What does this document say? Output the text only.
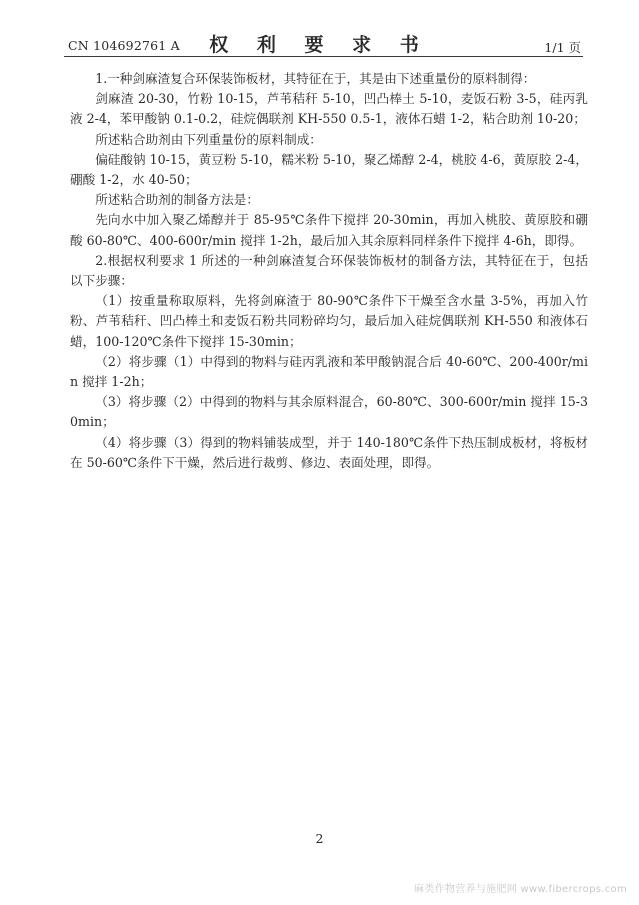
CN 104692761 A	权 利 要 求 书	1/1 页

1.一种剑麻渣复合环保装饰板材，其特征在于，其是由下述重量份的原料制得：

剑麻渣 20-30，竹粉 10-15，芦苇秸秆 5-10，凹凸棒土 5-10，麦饭石粉 3-5，硅丙乳液 2-4，苯甲酸钠 0.1-0.2，硅烷偶联剂 KH-550 0.5-1，液体石蜡 1-2，粘合助剂 10-20；

所述粘合助剂由下列重量份的原料制成：

偏硅酸钠 10-15，黄豆粉 5-10，糯米粉 5-10，聚乙烯醇 2-4，桃胶 4-6，黄原胶 2-4，硼酸 1-2，水 40-50；

所述粘合助剂的制备方法是：

先向水中加入聚乙烯醇并于 85-95℃条件下搅拌 20-30min，再加入桃胶、黄原胶和硼酸 60-80℃、400-600r/min 搅拌 1-2h，最后加入其余原料同样条件下搅拌 4-6h，即得。

2.根据权利要求 1 所述的一种剑麻渣复合环保装饰板材的制备方法，其特征在于，包括以下步骤：

（1）按重量称取原料，先将剑麻渣于 80-90℃条件下干燥至含水量 3-5%，再加入竹粉、芦苇秸秆、凹凸棒土和麦饭石粉共同粉碎均匀，最后加入硅烷偶联剂 KH-550 和液体石蜡，100-120℃条件下搅拌 15-30min；

（2）将步骤（1）中得到的物料与硅丙乳液和苯甲酸钠混合后 40-60℃、200-400r/min 搅拌 1-2h；

（3）将步骤（2）中得到的物料与其余原料混合，60-80℃、300-600r/min 搅拌 15-30min；

（4）将步骤（3）得到的物料铺装成型，并于 140-180℃条件下热压制成板材，将板材在 50-60℃条件下干燥，然后进行裁剪、修边、表面处理，即得。

2
麻类作物营养与施肥网 www.fibercrops.com
